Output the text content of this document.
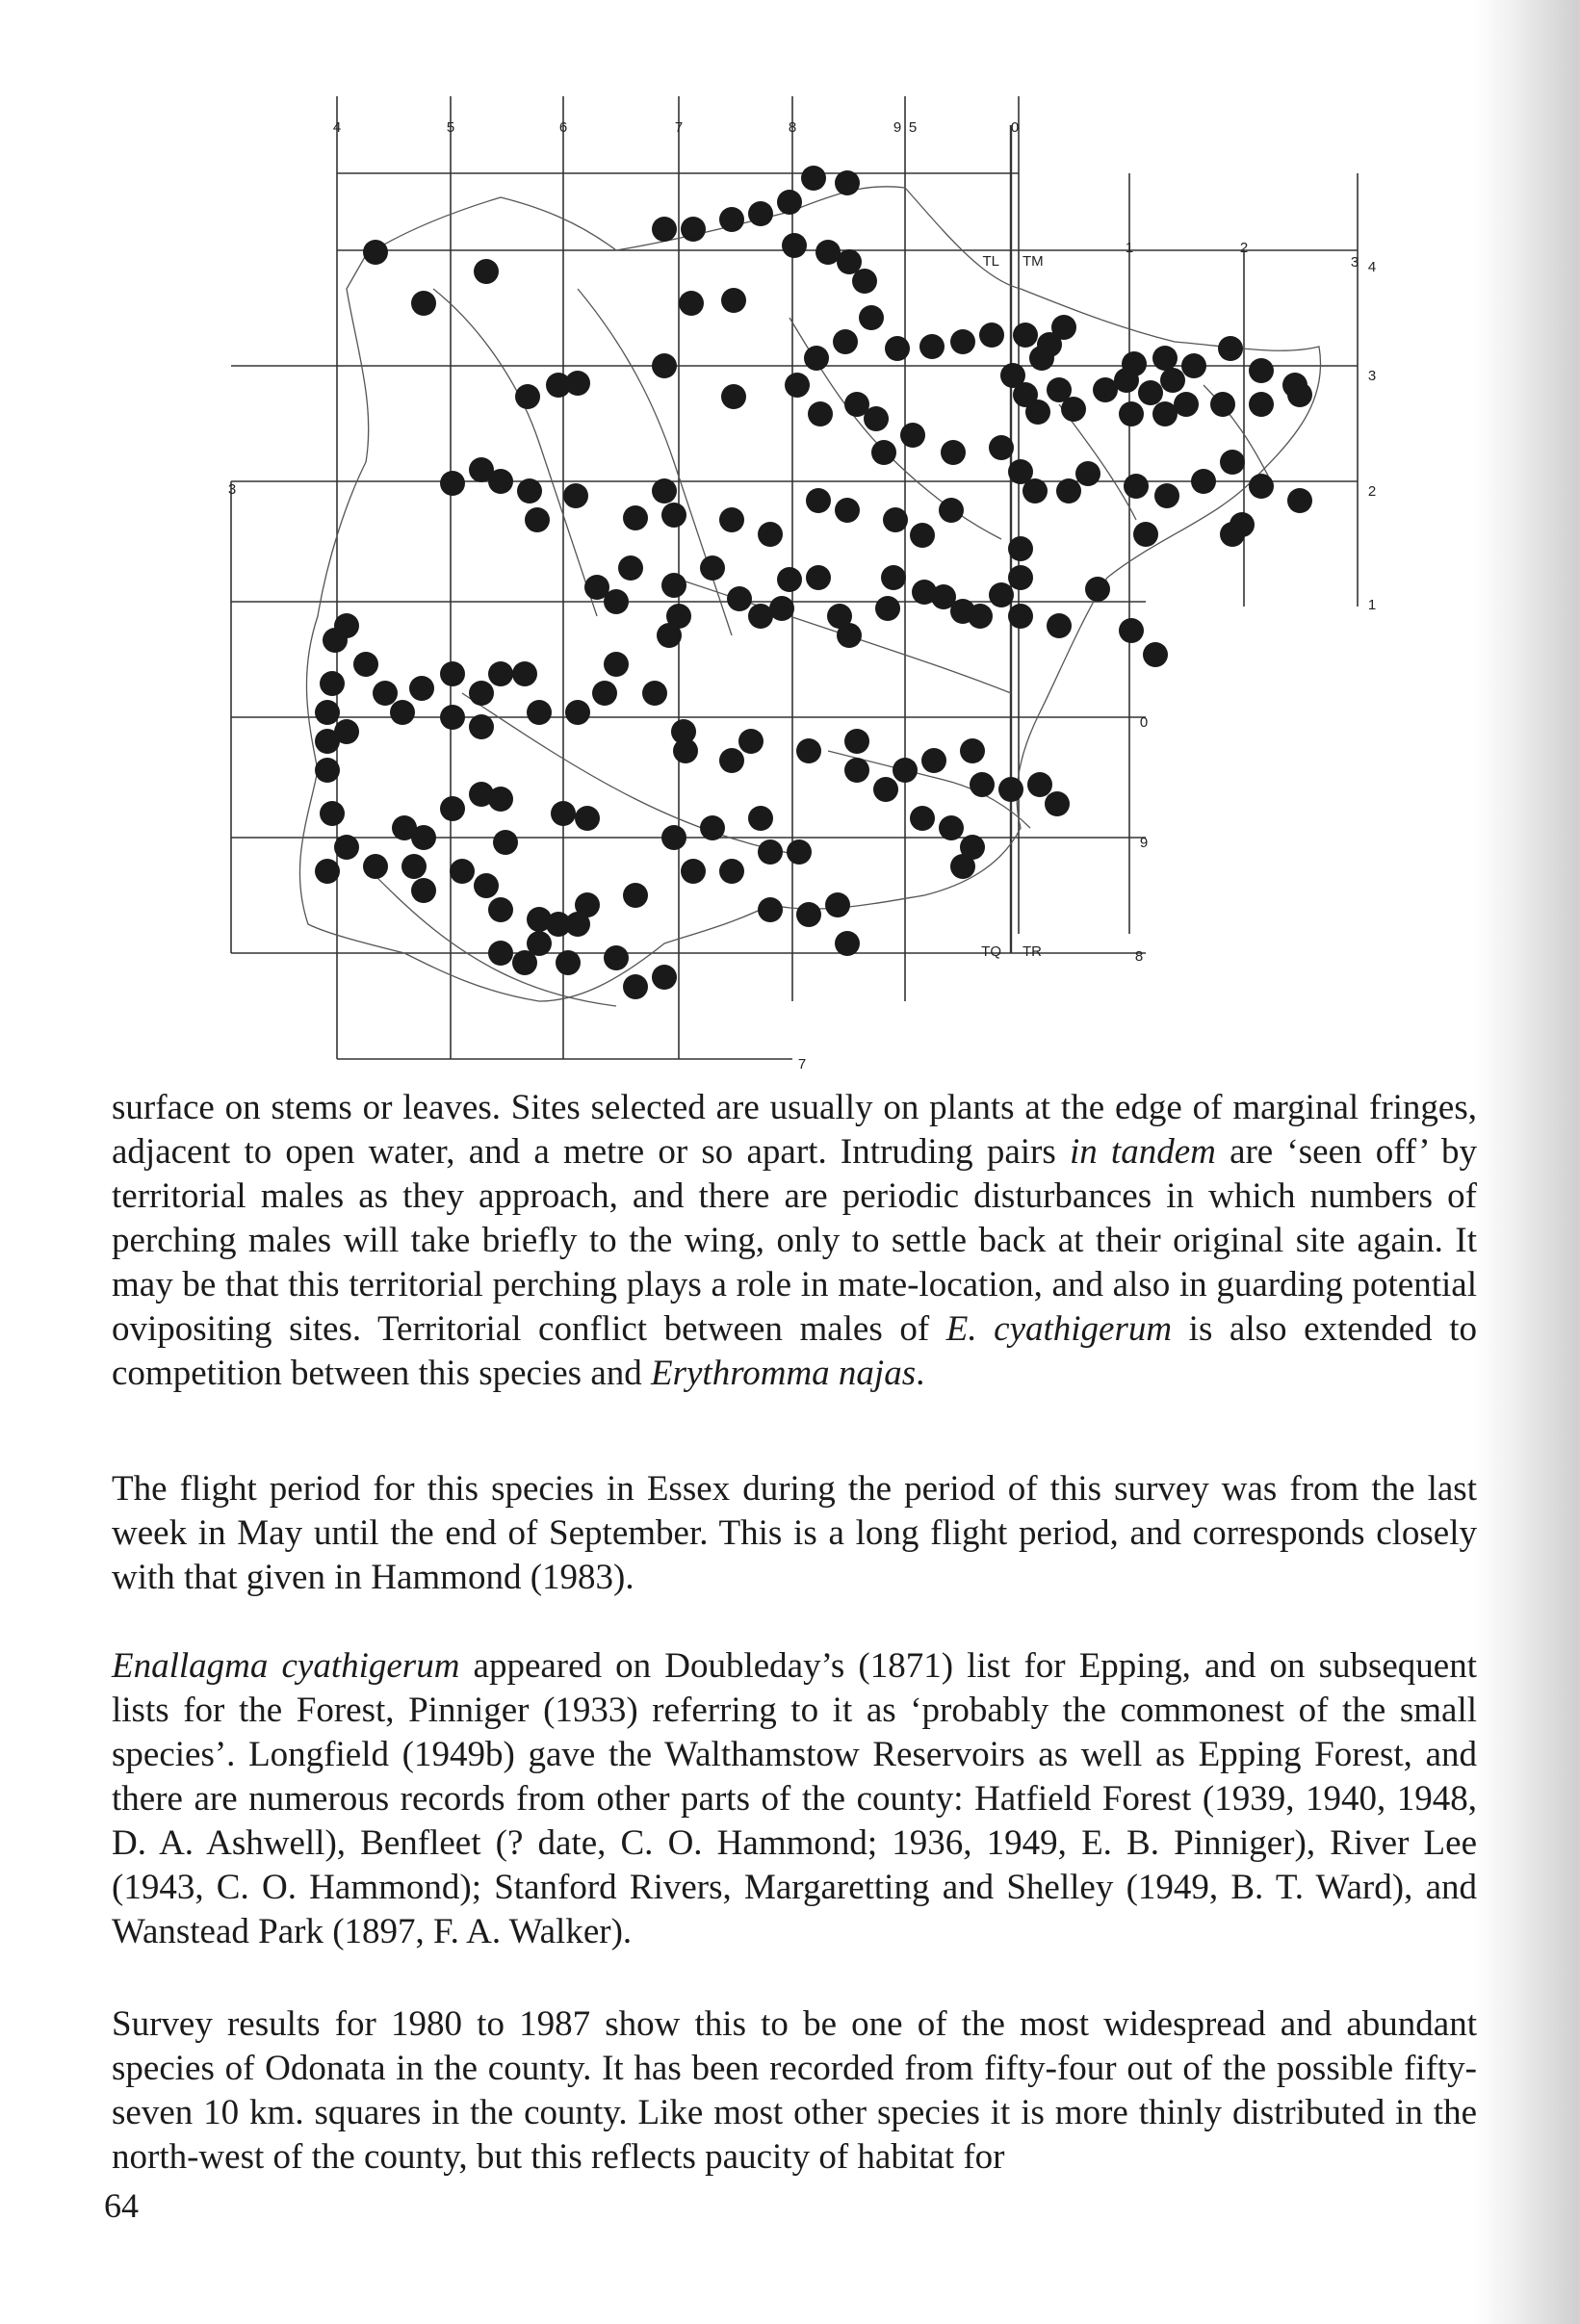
4	5	6	7	8	9 5	0
4
3
2
1
3
1	2
3
TL TM
TQ TR
0
9
8
7

surface on stems or leaves. Sites selected are usually on plants at the edge of marginal fringes, adjacent to open water, and a metre or so apart. Intruding pairs in tandem are ‘seen off’ by territorial males as they approach, and there are periodic disturbances in which numbers of perching males will take briefly to the wing, only to settle back at their original site again. It may be that this territorial perching plays a role in mate-location, and also in guarding potential ovipositing sites. Territorial conflict between males of E. cyathigerum is also extended to competition between this species and Erythromma najas.

The flight period for this species in Essex during the period of this survey was from the last week in May until the end of September. This is a long flight period, and corresponds closely with that given in Hammond (1983).

Enallagma cyathigerum appeared on Doubleday’s (1871) list for Epping, and on subsequent lists for the Forest, Pinniger (1933) referring to it as ‘probably the commonest of the small species’. Longfield (1949b) gave the Walthamstow Reservoirs as well as Epping Forest, and there are numerous records from other parts of the county: Hatfield Forest (1939, 1940, 1948, D. A. Ashwell), Benfleet (? date, C. O. Hammond; 1936, 1949, E. B. Pinniger), River Lee (1943, C. O. Hammond); Stanford Rivers, Margaretting and Shelley (1949, B. T. Ward), and Wanstead Park (1897, F. A. Walker).

Survey results for 1980 to 1987 show this to be one of the most widespread and abundant species of Odonata in the county. It has been recorded from fifty-four out of the possible fifty-seven 10 km. squares in the county. Like most other species it is more thinly distributed in the north-west of the county, but this reflects paucity of habitat for

64
